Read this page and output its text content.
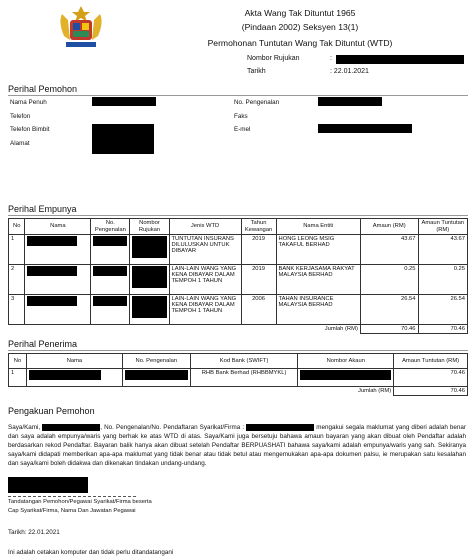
Akta Wang Tak Dituntut 1965
(Pindaan 2002) Seksyen 13(1)
Permohonan Tuntutan Wang Tak Dituntut (WTD)
Nombor Rujukan	:
Tarikh	: 22.01.2021
Perihal Pemohon
Nama Penuh	No. Pengenalan
Telefon	Faks
Telefon Bimbit	E-mel
Alamat
Perihal Empunya
No	Nama	No. Pengenalan	Nombor Rujukan	Jenis WTD	Tahun Kewangan	Nama Entiti	Amaun (RM)	Amaun Tuntutan (RM)
1				TUNTUTAN INSURANS DILULUSKAN UNTUK DIBAYAR	2019	HONG LEONG MSIG TAKAFUL BERHAD	43.67	43.67
2				LAIN-LAIN WANG YANG KENA DIBAYAR DALAM TEMPOH 1 TAHUN	2019	BANK KERJASAMA RAKYAT MALAYSIA BERHAD	0.25	0.25
3				LAIN-LAIN WANG YANG KENA DIBAYAR DALAM TEMPOH 1 TAHUN	2006	TAHAN INSURANCE MALAYSIA BERHAD	26.54	26.54
						Jumlah (RM)	70.46	70.46
Perihal Penerima
No	Nama	No. Pengenalan	Kod Bank (SWIFT)	Nombor Akaun	Amaun Tuntutan (RM)
1			RHB Bank Berhad (RHBBMYKL)		70.46
				Jumlah (RM)	70.46
Pengakuan Pemohon
Saya/Kami,	, No. Pengenalan/No. Pendaftaran Syarikat/Firma :	mengakui segala maklumat yang diberi adalah benar dan saya adalah empunya/waris yang berhak ke atas WTD di atas. Saya/Kami juga bersetuju bahawa amaun bayaran yang akan dibuat oleh Pendaftar adalah berdasarkan rekod Pendaftar. Bayaran balik hanya akan dibuat setelah Pendaftar BERPUASHATI bahawa saya/kami adalah empunya/waris yang sah. Sekiranya saya/kami didapati memberikan apa-apa maklumat yang tidak benar atau tidak betul atau mengemukakan apa-apa dokumen palsu, ie merupakan satu kesalahan dan saya/kami boleh didakwa dan dikenakan tindakan undang-undang.
Tandatangan Pemohon/Pegawai Syarikat/Firma beserta
Cap Syarikat/Firma, Nama Dan Jawatan Pegawai
Tarikh: 22.01.2021
Ini adalah cetakan komputer dan tidak perlu ditandatangani
